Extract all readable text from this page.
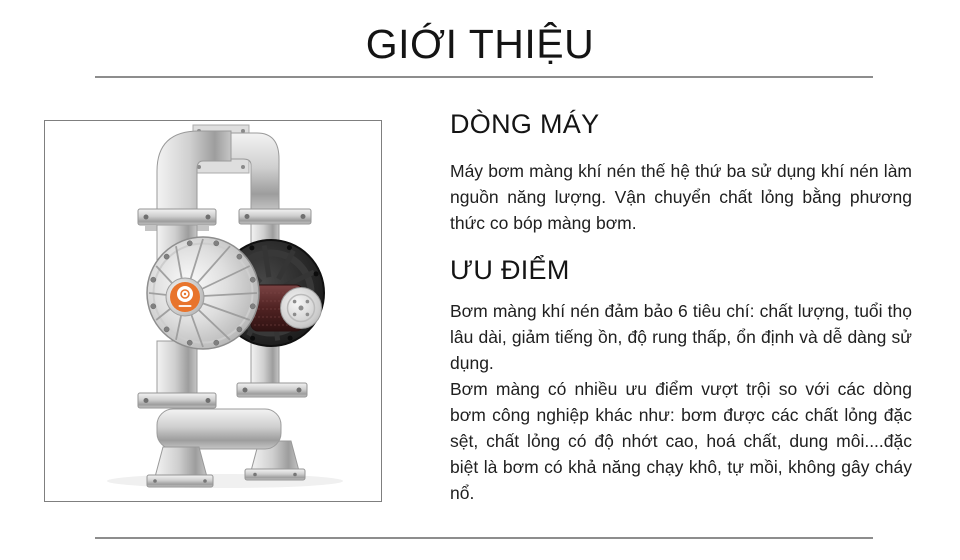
GIỚI THIỆU
DÒNG MÁY

Máy bơm màng khí nén thế hệ thứ ba sử dụng khí nén làm nguồn năng lượng. Vận chuyển chất lỏng bằng phương thức co bóp màng bơm.

ƯU ĐIỂM

Bơm màng khí nén đảm bảo 6 tiêu chí: chất lượng, tuổi thọ lâu dài, giảm tiếng ồn, độ rung thấp, ổn định và dễ dàng sử dụng.

Bơm màng có nhiều ưu điểm vượt trội so với các dòng bơm công nghiệp khác như: bơm được các chất lỏng đặc sệt, chất lỏng có độ nhớt cao, hoá chất, dung môi....đặc biệt là bơm có khả năng chạy khô, tự mồi, không gây cháy nổ.
